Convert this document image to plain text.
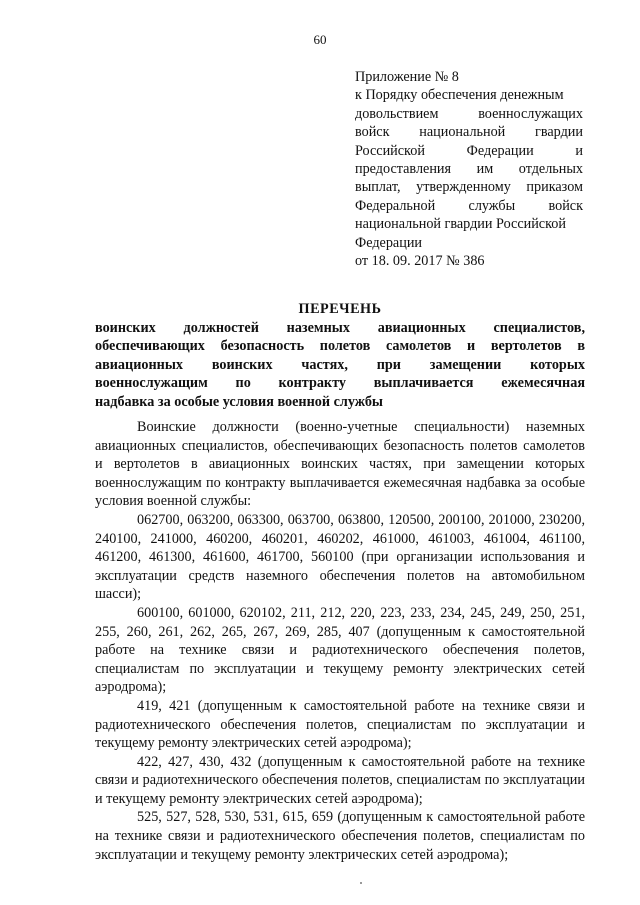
60
Приложение № 8
к Порядку обеспечения денежным
довольствием военнослужащих
войск национальной гвардии
Российской Федерации и
предоставления им отдельных
выплат, утвержденному приказом
Федеральной службы войск
национальной гвардии Российской
Федерации
от 18. 09. 2017 № 386
ПЕРЕЧЕНЬ
воинских должностей наземных авиационных специалистов,
обеспечивающих безопасность полетов самолетов и вертолетов в
авиационных воинских частях, при замещении которых
военнослужащим по контракту выплачивается ежемесячная
надбавка за особые условия военной службы

Воинские должности (военно-учетные специальности) наземных авиационных специалистов, обеспечивающих безопасность полетов самолетов и вертолетов в авиационных воинских частях, при замещении которых военнослужащим по контракту выплачивается ежемесячная надбавка за особые условия военной службы:

062700, 063200, 063300, 063700, 063800, 120500, 200100, 201000, 230200, 240100, 241000, 460200, 460201, 460202, 461000, 461003, 461004, 461100, 461200, 461300, 461600, 461700, 560100 (при организации использования и эксплуатации средств наземного обеспечения полетов на автомобильном шасси);

600100, 601000, 620102, 211, 212, 220, 223, 233, 234, 245, 249, 250, 251, 255, 260, 261, 262, 265, 267, 269, 285, 407 (допущенным к самостоятельной работе на технике связи и радиотехнического обеспечения полетов, специалистам по эксплуатации и текущему ремонту электрических сетей аэродрома);

419, 421 (допущенным к самостоятельной работе на технике связи и радиотехнического обеспечения полетов, специалистам по эксплуатации и текущему ремонту электрических сетей аэродрома);

422, 427, 430, 432 (допущенным к самостоятельной работе на технике связи и радиотехнического обеспечения полетов, специалистам по эксплуатации и текущему ремонту электрических сетей аэродрома);

525, 527, 528, 530, 531, 615, 659 (допущенным к самостоятельной работе на технике связи и радиотехнического обеспечения полетов, специалистам по эксплуатации и текущему ремонту электрических сетей аэродрома);
